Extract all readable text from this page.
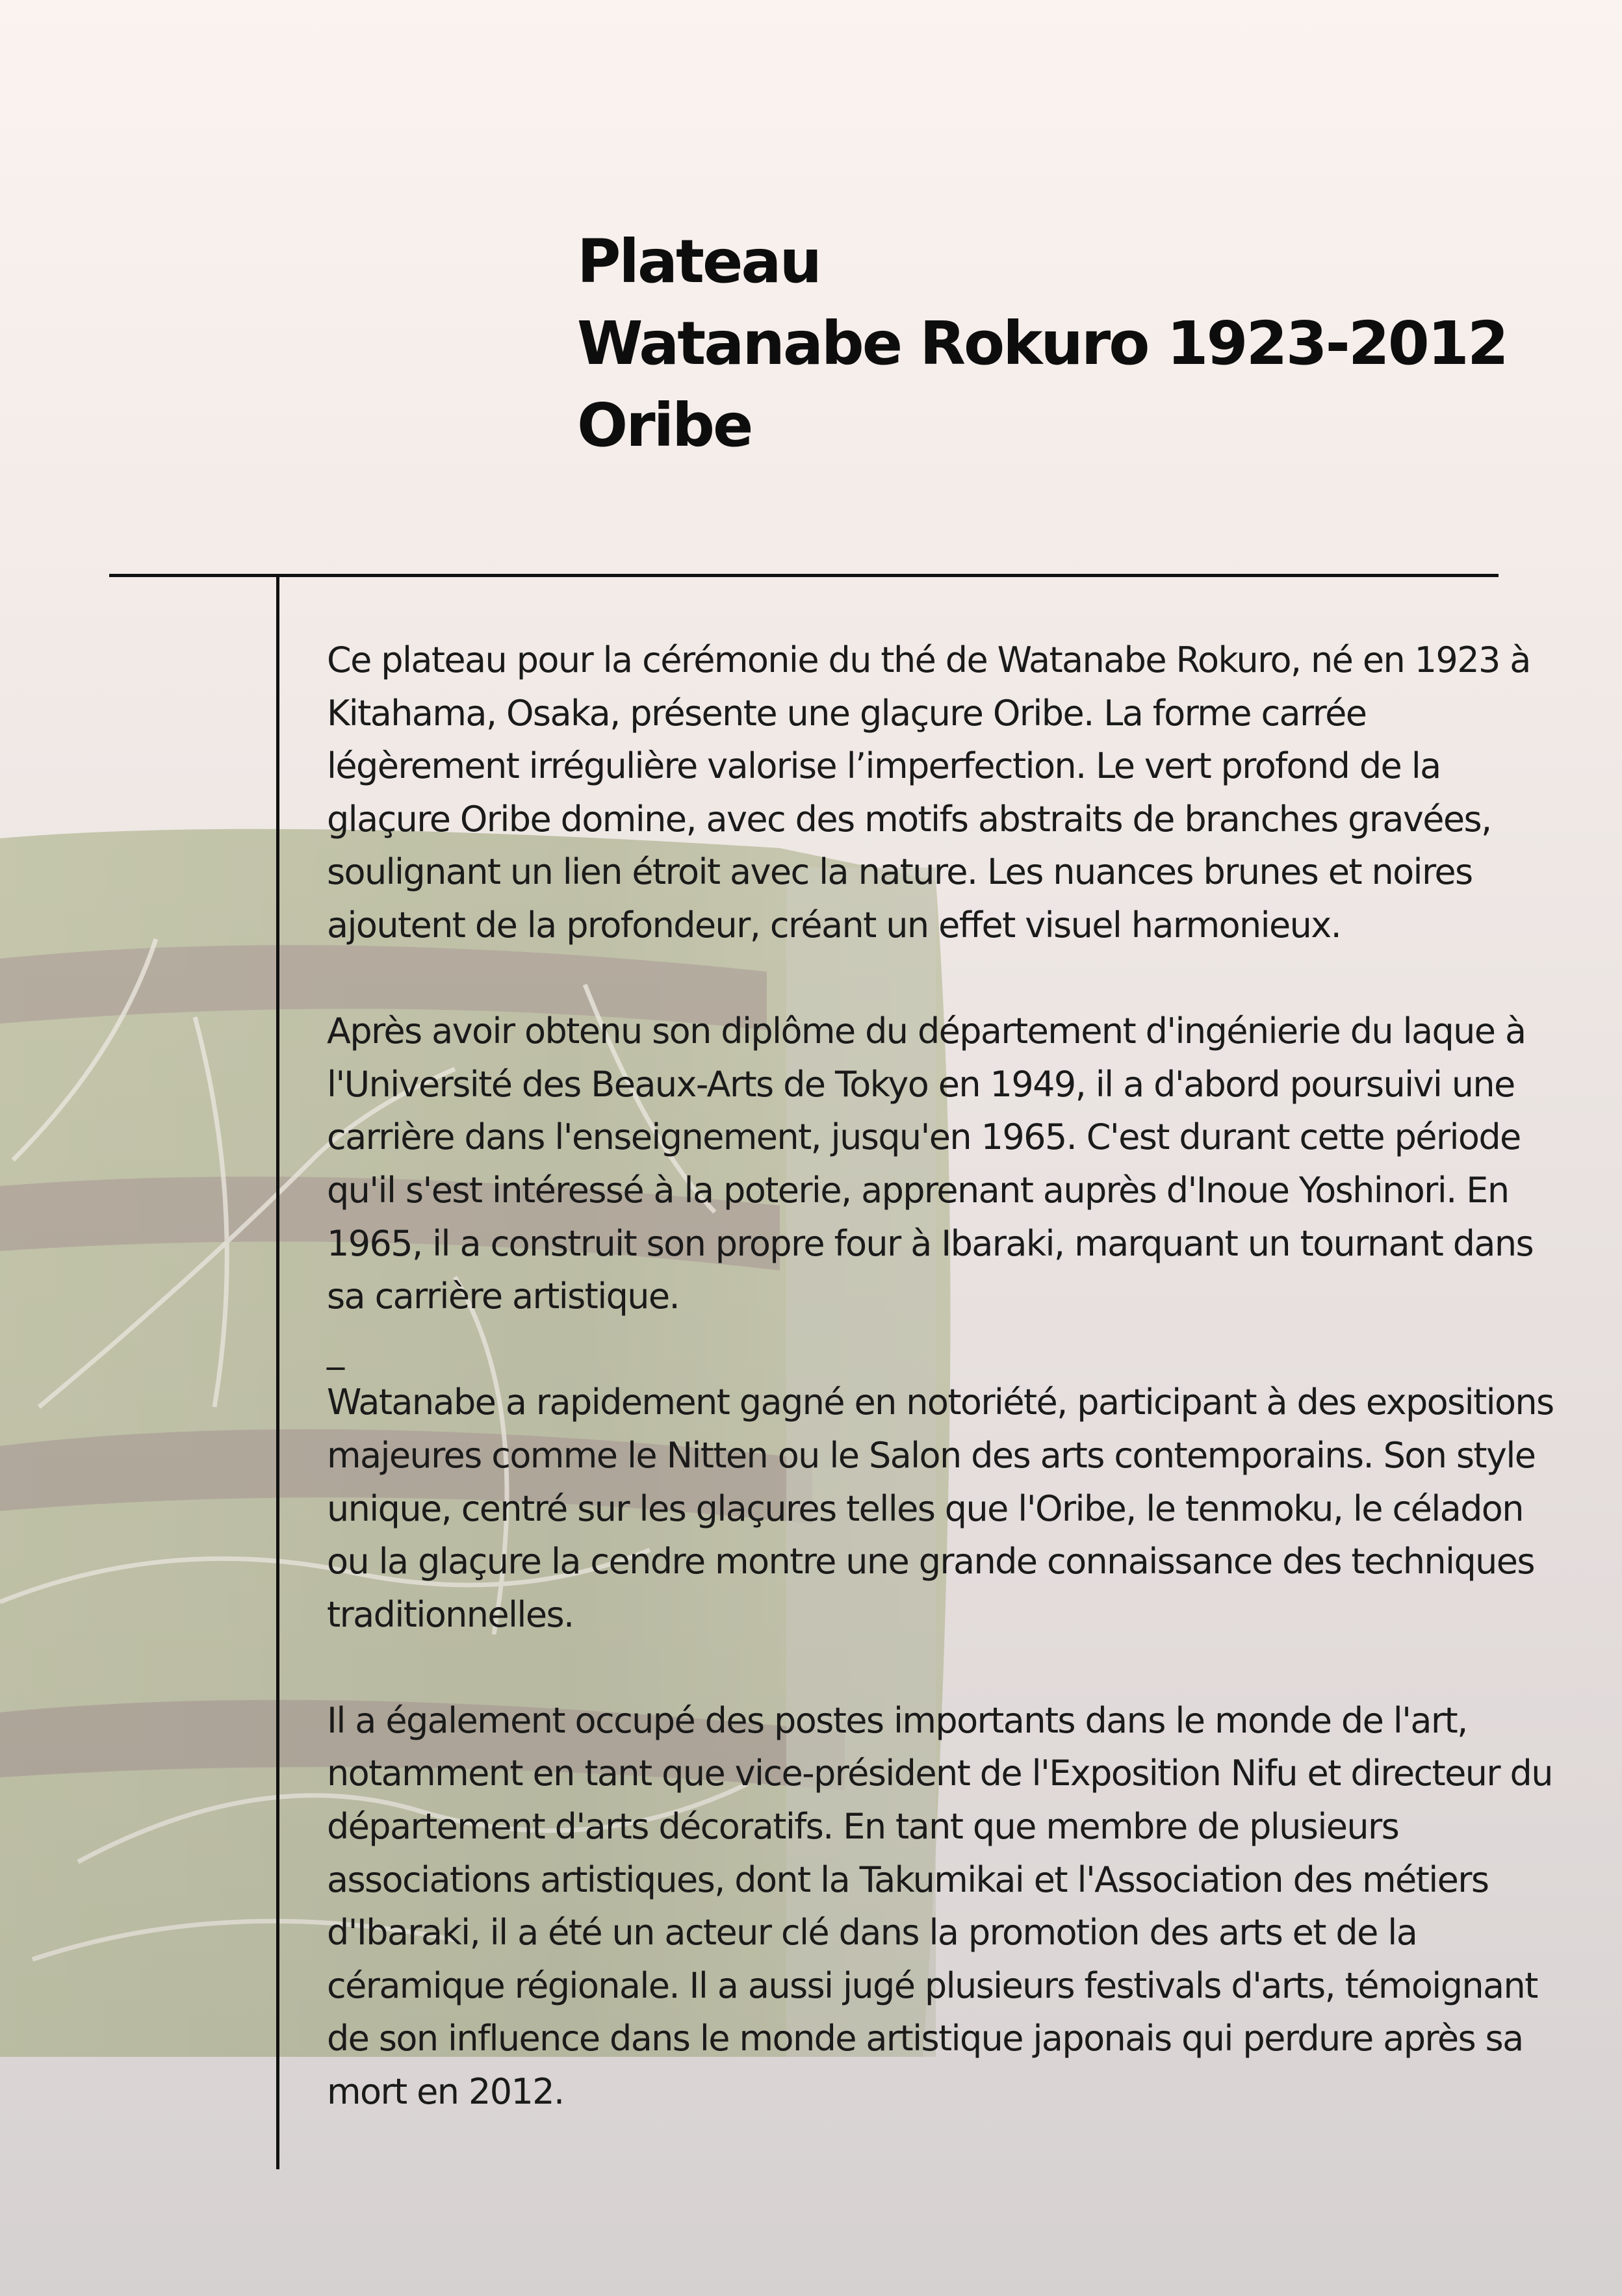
Plateau
Watanabe Rokuro 1923-2012
Oribe

Ce plateau pour la cérémonie du thé de Watanabe Rokuro, né en 1923 à Kitahama, Osaka, présente une glaçure Oribe. La forme carrée légèrement irrégulière valorise l’imperfection. Le vert profond de la glaçure Oribe domine, avec des motifs abstraits de branches gravées, soulignant un lien étroit avec la nature. Les nuances brunes et noires ajoutent de la profondeur, créant un effet visuel harmonieux.

Après avoir obtenu son diplôme du département d'ingénierie du laque à l'Université des Beaux-Arts de Tokyo en 1949, il a d'abord poursuivi une carrière dans l'enseignement, jusqu'en 1965. C'est durant cette période qu'il s'est intéressé à la poterie, apprenant auprès d'Inoue Yoshinori. En 1965, il a construit son propre four à Ibaraki, marquant un tournant dans sa carrière artistique.

_

Watanabe a rapidement gagné en notoriété, participant à des expositions majeures comme le Nitten ou le Salon des arts contemporains. Son style unique, centré sur les glaçures telles que l'Oribe, le tenmoku, le céladon ou la glaçure la cendre montre une grande connaissance des techniques traditionnelles.

Il a également occupé des postes importants dans le monde de l'art, notamment en tant que vice-président de l'Exposition Nifu et directeur du département d'arts décoratifs. En tant que membre de plusieurs associations artistiques, dont la Takumikai et l'Association des métiers d'Ibaraki, il a été un acteur clé dans la promotion des arts et de la céramique régionale. Il a aussi jugé plusieurs festivals d'arts, témoignant de son influence dans le monde artistique japonais qui perdure après sa mort en 2012.
